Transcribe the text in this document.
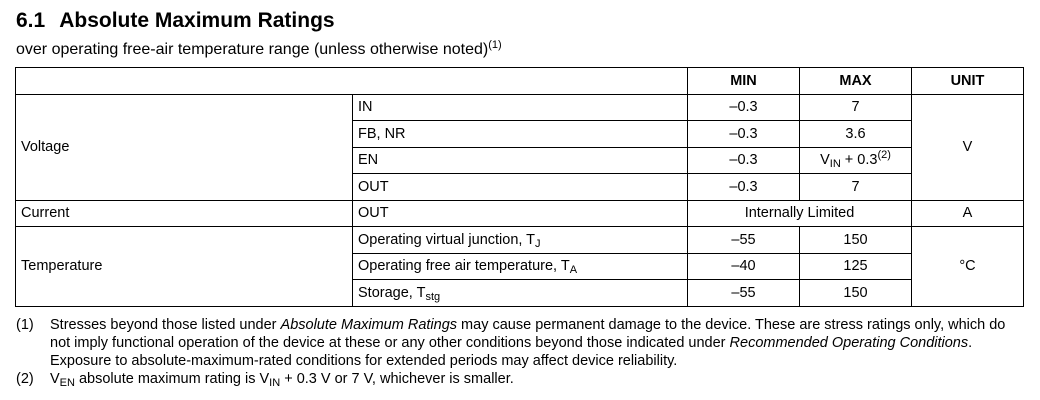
6.1 Absolute Maximum Ratings

over operating free-air temperature range (unless otherwise noted)$^{(1)}$

		MIN	MAX	UNIT
Voltage	IN	–0.3	7	V
	FB, NR	–0.3	3.6	
	EN	–0.3	$V_{IN} + 0.3^{(2)}$
	OUT	–0.3	7	
Current	OUT	Internally Limited		A
Temperature	Operating virtual junction, $T_J$	–55	150	°C
	Operating free air temperature, $T_A$	–40	125	
	Storage, $T_{stg}$	–55	150	
(1) Stresses beyond those listed under Absolute Maximum Ratings may cause permanent damage to the device. These are stress ratings only, which do not imply functional operation of the device at these or any other conditions beyond those indicated under Recommended Operating Conditions. Exposure to absolute-maximum-rated conditions for extended periods may affect device reliability.
(2) $V_{EN}$ absolute maximum rating is $V_{IN} + 0.3$ V or 7 V, whichever is smaller.
